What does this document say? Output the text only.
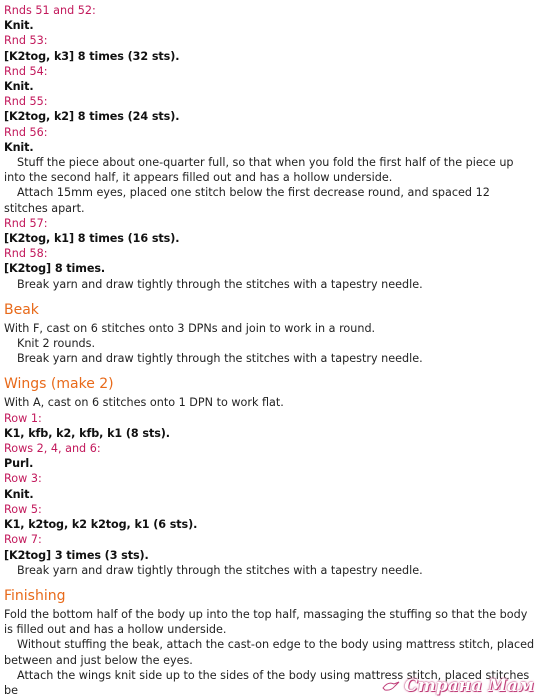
Rnds 51 and 52:
Knit.
Rnd 53:
[K2tog, k3] 8 times (32 sts).
Rnd 54:
Knit.
Rnd 55:
[K2tog, k2] 8 times (24 sts).
Rnd 56:
Knit.
Stuff the piece about one-quarter full, so that when you fold the first half of the piece up into the second half, it appears filled out and has a hollow underside.
Attach 15mm eyes, placed one stitch below the first decrease round, and spaced 12 stitches apart.
Rnd 57:
[K2tog, k1] 8 times (16 sts).
Rnd 58:
[K2tog] 8 times.
Break yarn and draw tightly through the stitches with a tapestry needle.
Beak
With F, cast on 6 stitches onto 3 DPNs and join to work in a round.
Knit 2 rounds.
Break yarn and draw tightly through the stitches with a tapestry needle.
Wings (make 2)
With A, cast on 6 stitches onto 1 DPN to work flat.
Row 1:
K1, kfb, k2, kfb, k1 (8 sts).
Rows 2, 4, and 6:
Purl.
Row 3:
Knit.
Row 5:
K1, k2tog, k2 k2tog, k1 (6 sts).
Row 7:
[K2tog] 3 times (3 sts).
Break yarn and draw tightly through the stitches with a tapestry needle.
Finishing
Fold the bottom half of the body up into the top half, massaging the stuffing so that the body is filled out and has a hollow underside.
Without stuffing the beak, attach the cast-on edge to the body using mattress stitch, placed between and just below the eyes.
Attach the wings knit side up to the sides of the body using mattress stitch, placed stitches be	Страна Мам
